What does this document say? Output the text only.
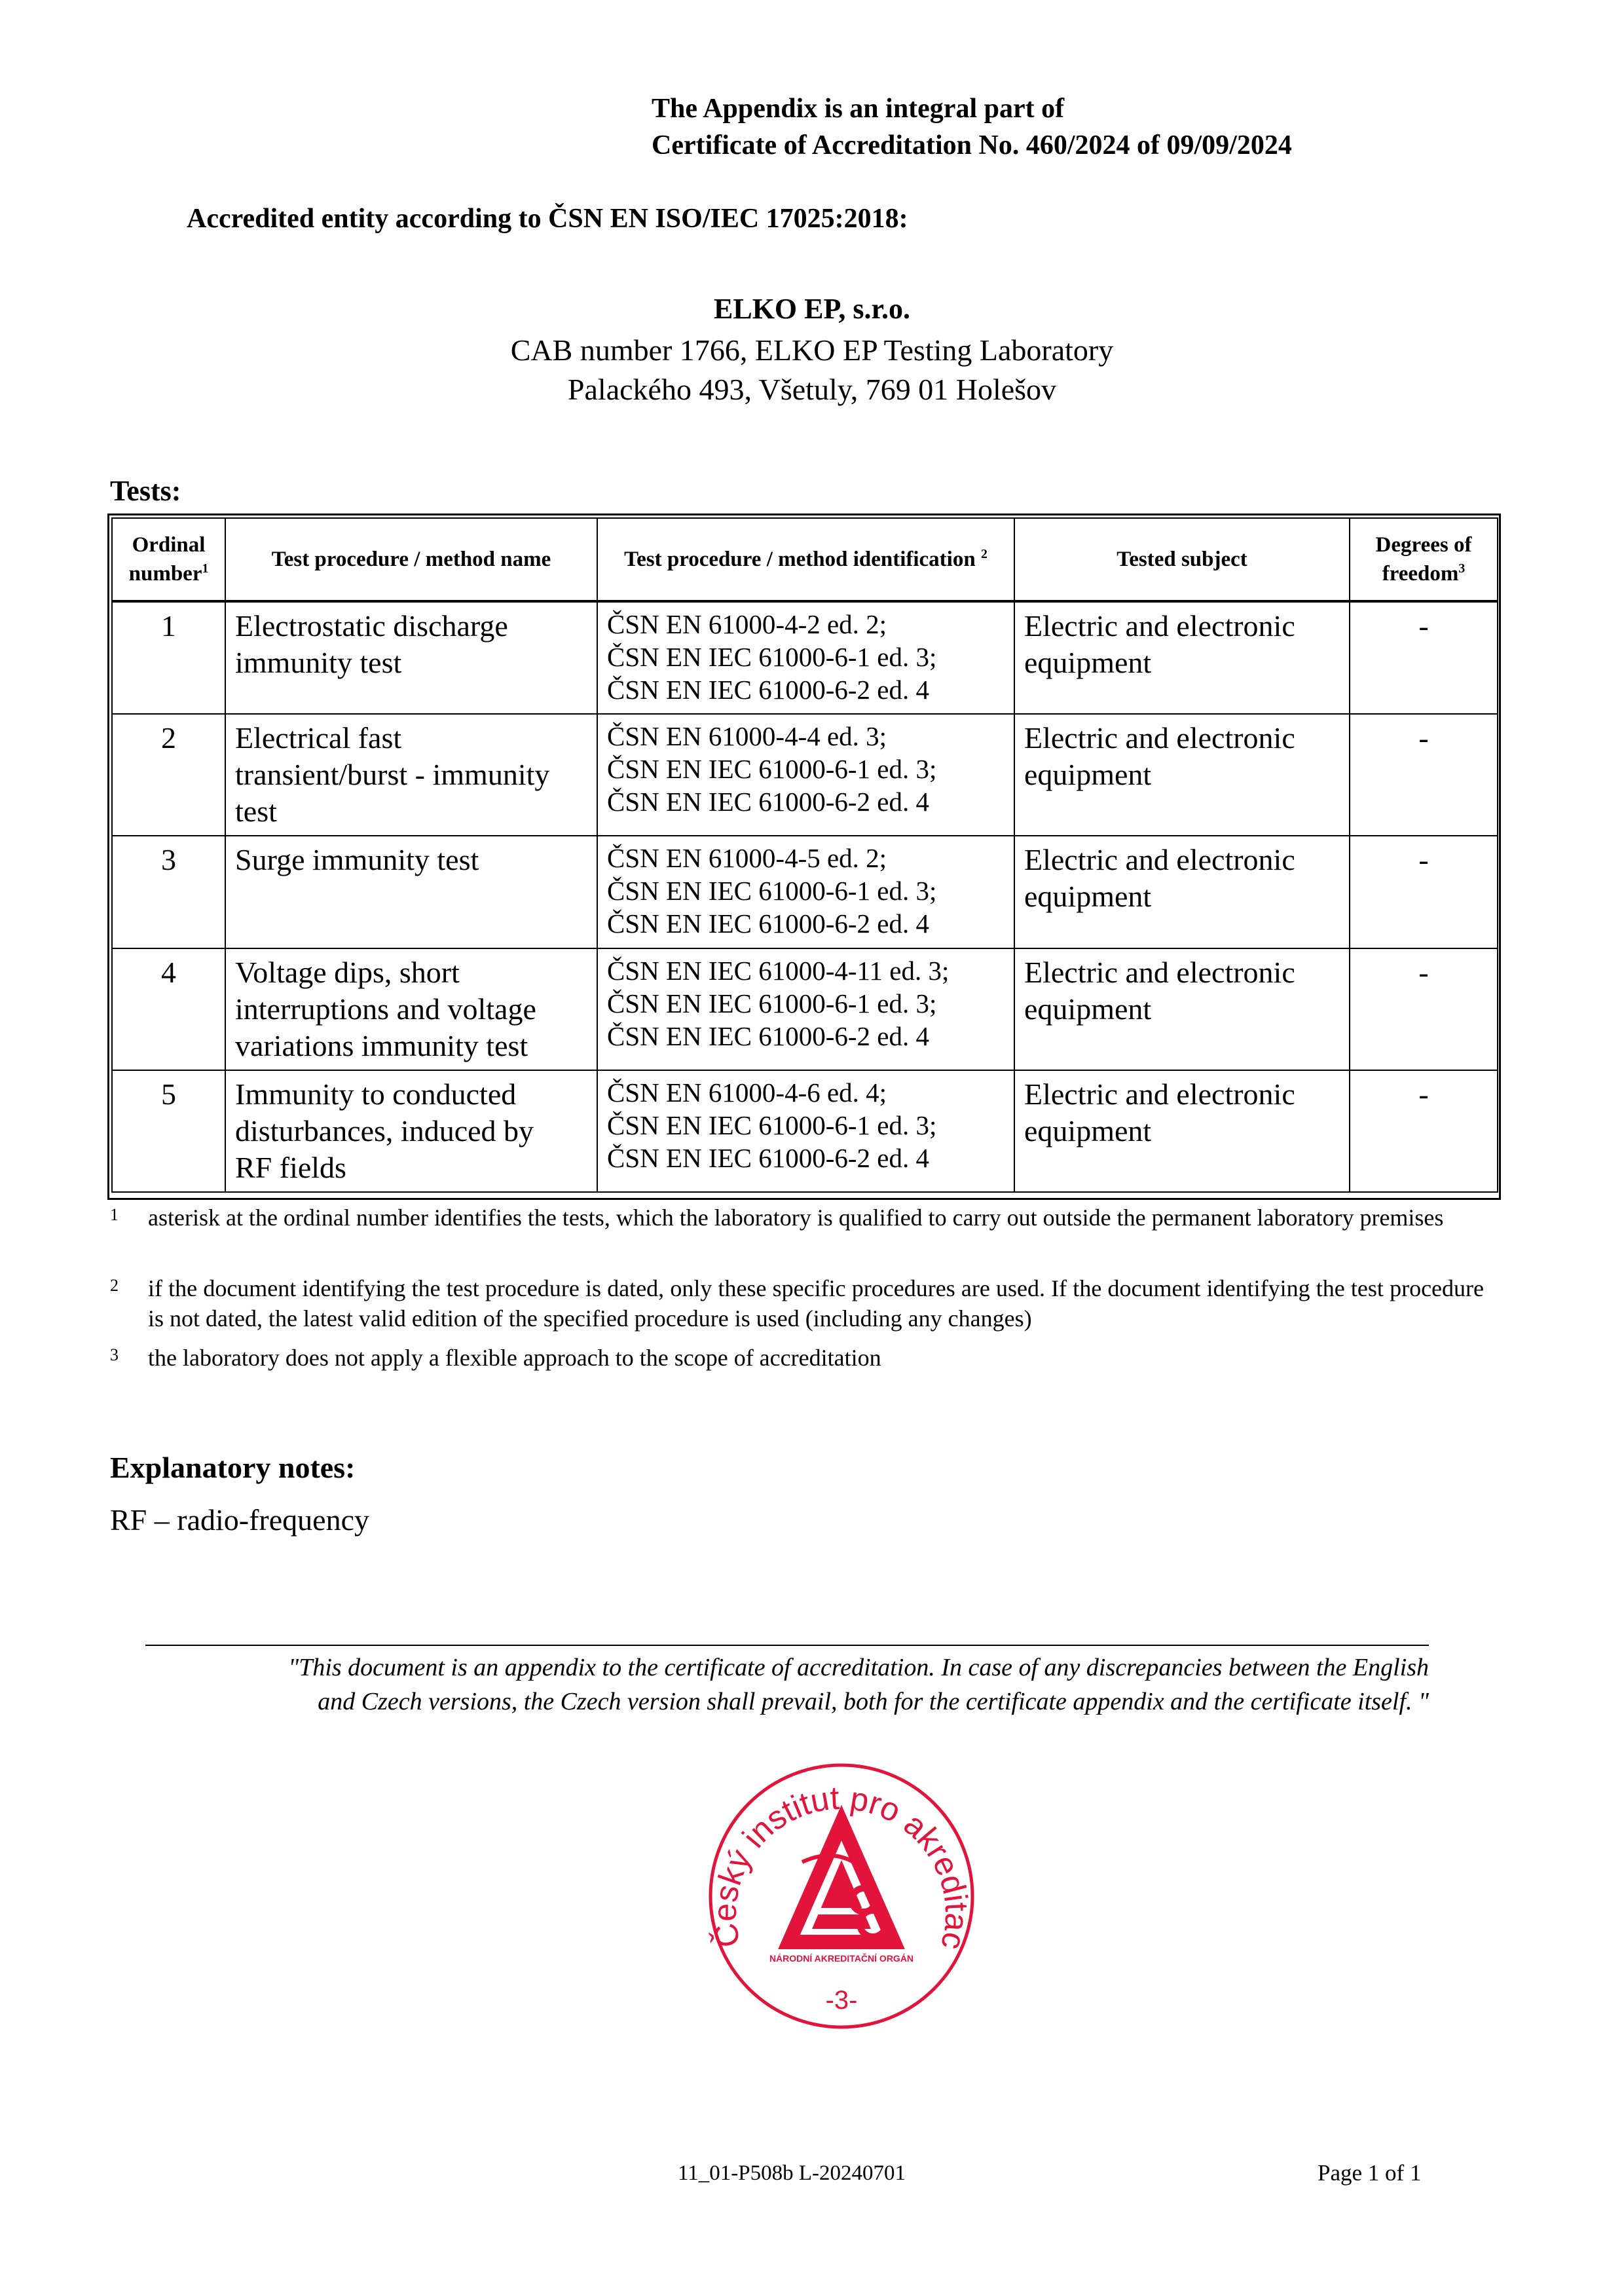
The Appendix is an integral part of
Certificate of Accreditation No. 460/2024 of 09/09/2024
Accredited entity according to ČSN EN ISO/IEC 17025:2018:
ELKO EP, s.r.o.
CAB number 1766, ELKO EP Testing Laboratory
Palackého 493, Všetuly, 769 01 Holešov
Tests:
Ordinal number$^1$	Test procedure / method name	Test procedure / method identification $^2$	Tested subject	Degrees of freedom$^3$
1	Electrostatic discharge
immunity test	ČSN EN 61000-4-2 ed. 2;
ČSN EN IEC 61000-6-1 ed. 3;
ČSN EN IEC 61000-6-2 ed. 4	Electric and electronic
equipment	-
2	Electrical fast
transient/burst - immunity
test	ČSN EN 61000-4-4 ed. 3;
ČSN EN IEC 61000-6-1 ed. 3;
ČSN EN IEC 61000-6-2 ed. 4	Electric and electronic
equipment	-
3	Surge immunity test	ČSN EN 61000-4-5 ed. 2;
ČSN EN IEC 61000-6-1 ed. 3;
ČSN EN IEC 61000-6-2 ed. 4	Electric and electronic
equipment	-
4	Voltage dips, short
interruptions and voltage
variations immunity test	ČSN EN IEC 61000-4-11 ed. 3;
ČSN EN IEC 61000-6-1 ed. 3;
ČSN EN IEC 61000-6-2 ed. 4	Electric and electronic
equipment	-
5	Immunity to conducted
disturbances, induced by
RF fields	ČSN EN 61000-4-6 ed. 4;
ČSN EN IEC 61000-6-1 ed. 3;
ČSN EN IEC 61000-6-2 ed. 4	Electric and electronic
equipment	-
1 asterisk at the ordinal number identifies the tests, which the laboratory is qualified to carry out outside the permanent laboratory premises
2 if the document identifying the test procedure is dated, only these specific procedures are used. If the document identifying the test procedure is not dated, the latest valid edition of the specified procedure is used (including any changes)
3 the laboratory does not apply a flexible approach to the scope of accreditation
Explanatory notes:
RF – radio-frequency
"This document is an appendix to the certificate of accreditation. In case of any discrepancies between the English
and Czech versions, the Czech version shall prevail, both for the certificate appendix and the certificate itself. "
Český institut pro akreditac
NÁRODNÍ AKREDITAČNÍ ORGÁN
-3-
11_01-P508b L-20240701	Page 1 of 1
